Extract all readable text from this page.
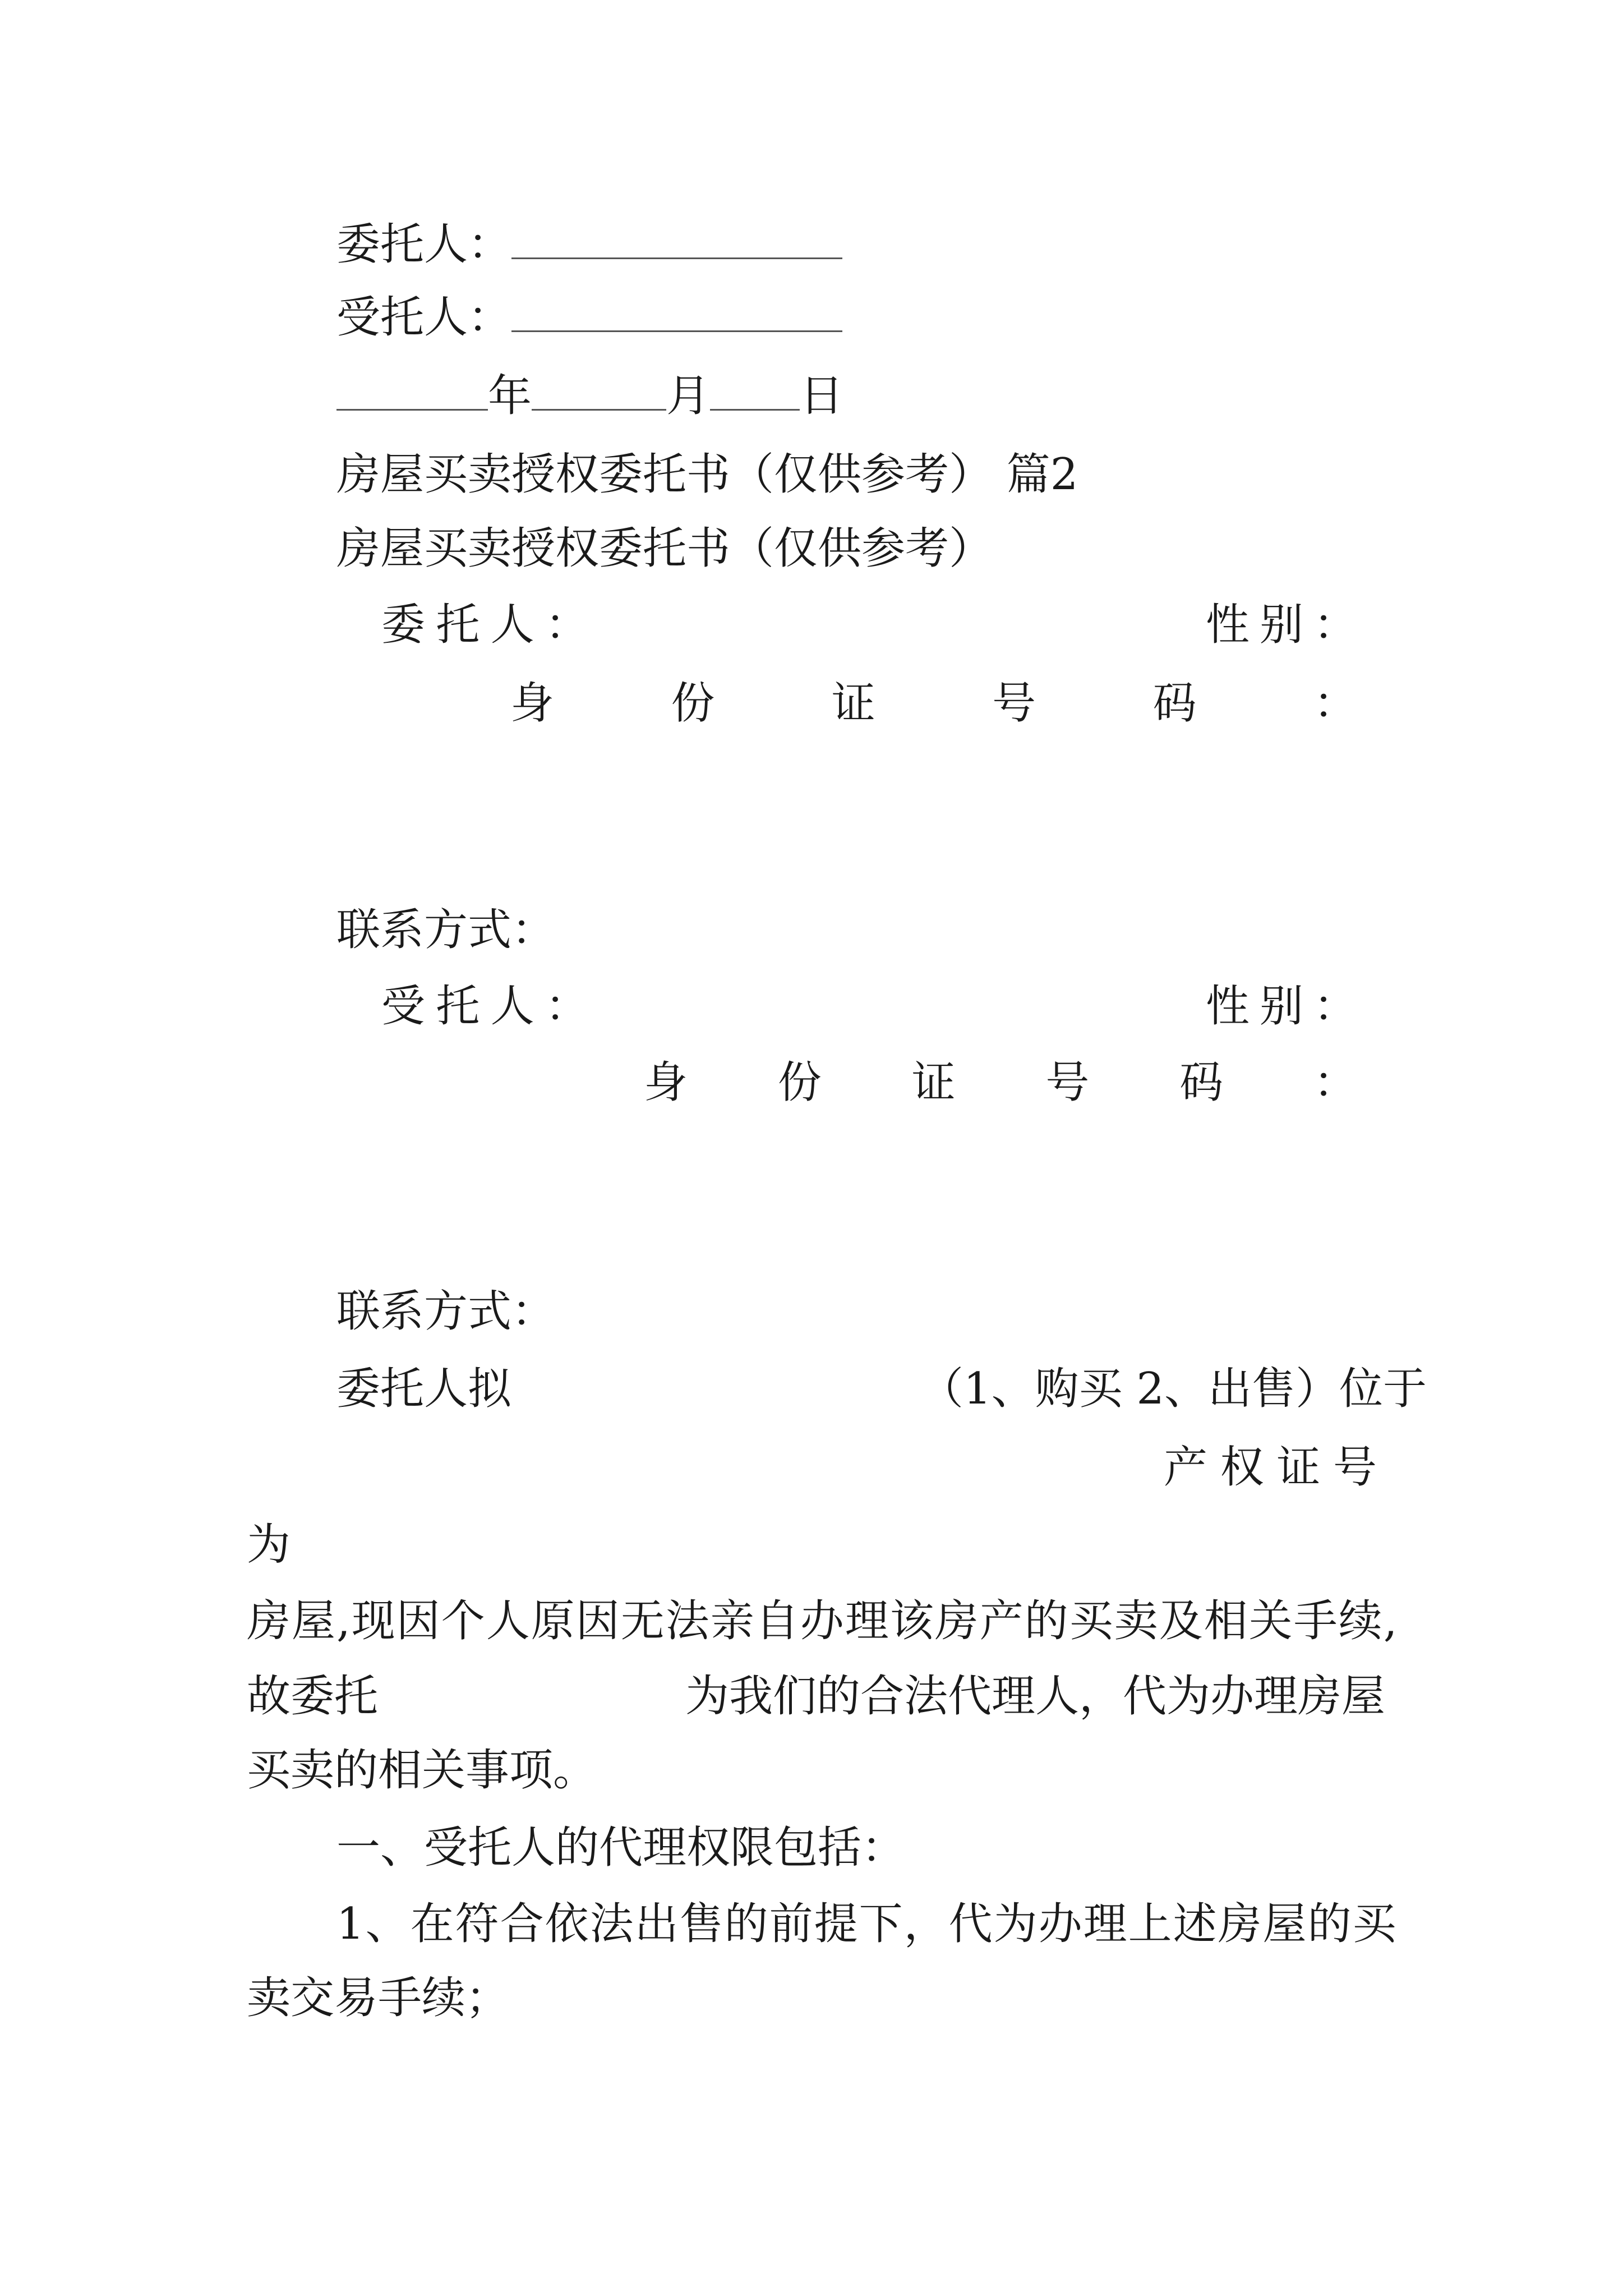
委托人：
受托人：
年	月 日
房屋买卖授权委托书（仅供参考） 篇2
房屋买卖授权委托书（仅供参考）
委 托 人 ：	性 别 ：
身	份	证	号	码	：
联系方式：
受 托 人 ：	性 别 ：
身 份 证 号 码 ：
联系方式：
委托人拟	（1、购买 2、出售）位于
产 权 证 号
为
房屋,现因个人原因无法亲自办理该房产的买卖及相关手续,
故委托	为我们的合法代理人，代为办理房屋
买卖的相关事项。
一、受托人的代理权限包括：
1、在符合依法出售的前提下，代为办理上述房屋的买
卖交易手续；
